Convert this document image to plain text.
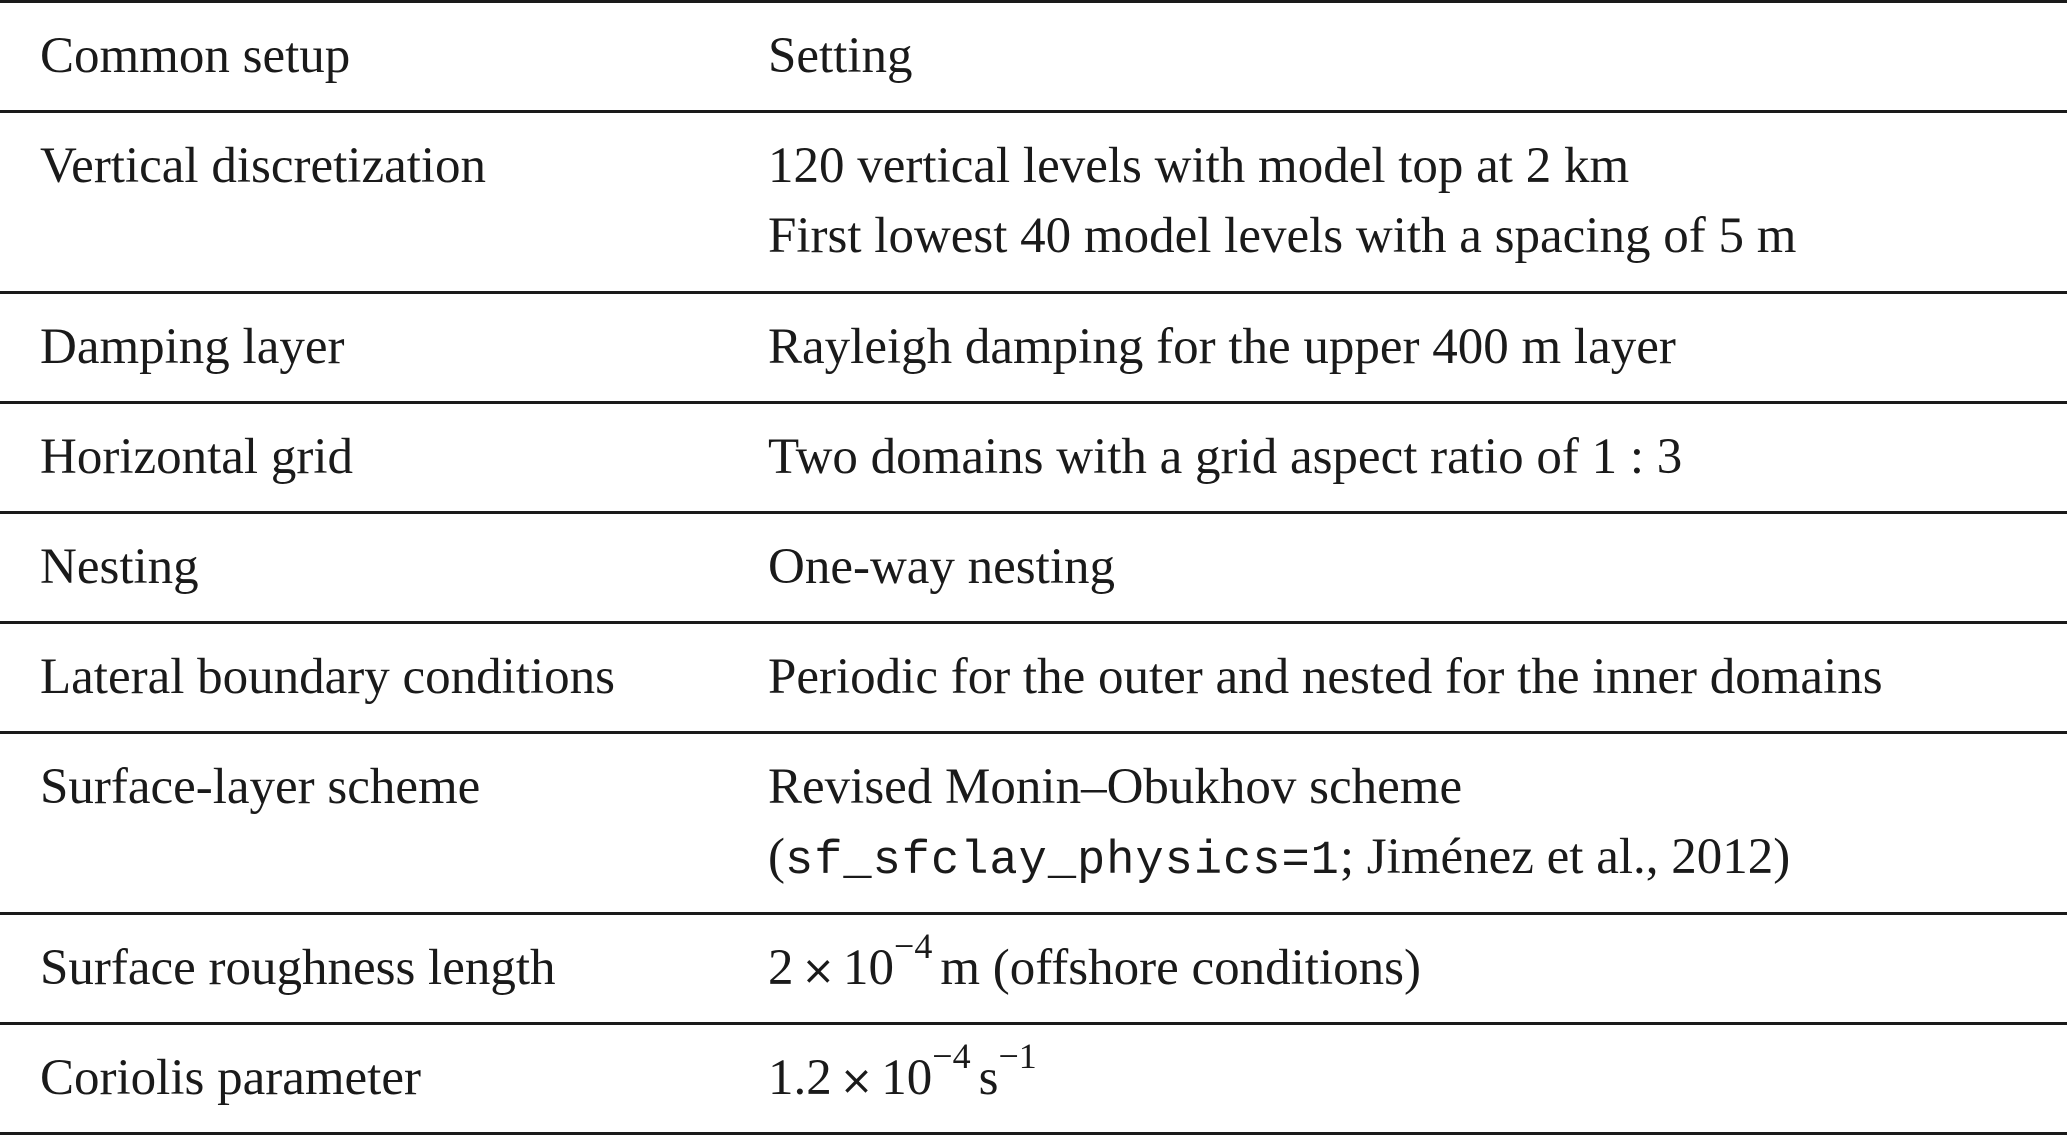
Common setup	Setting
Vertical discretization	120 vertical levels with model top at 2 km
First lowest 40 model levels with a spacing of 5 m
Damping layer	Rayleigh damping for the upper 400 m layer
Horizontal grid	Two domains with a grid aspect ratio of 1 : 3
Nesting	One-way nesting
Lateral boundary conditions	Periodic for the outer and nested for the inner domains
Surface-layer scheme	Revised Monin–Obukhov scheme
(sf_sfclay_physics=1; Jiménez et al., 2012)
Surface roughness length	$2 \times 10^{-4}$ m (offshore conditions)
Coriolis parameter	$1.2 \times 10^{-4}$ $s^{-1}$
